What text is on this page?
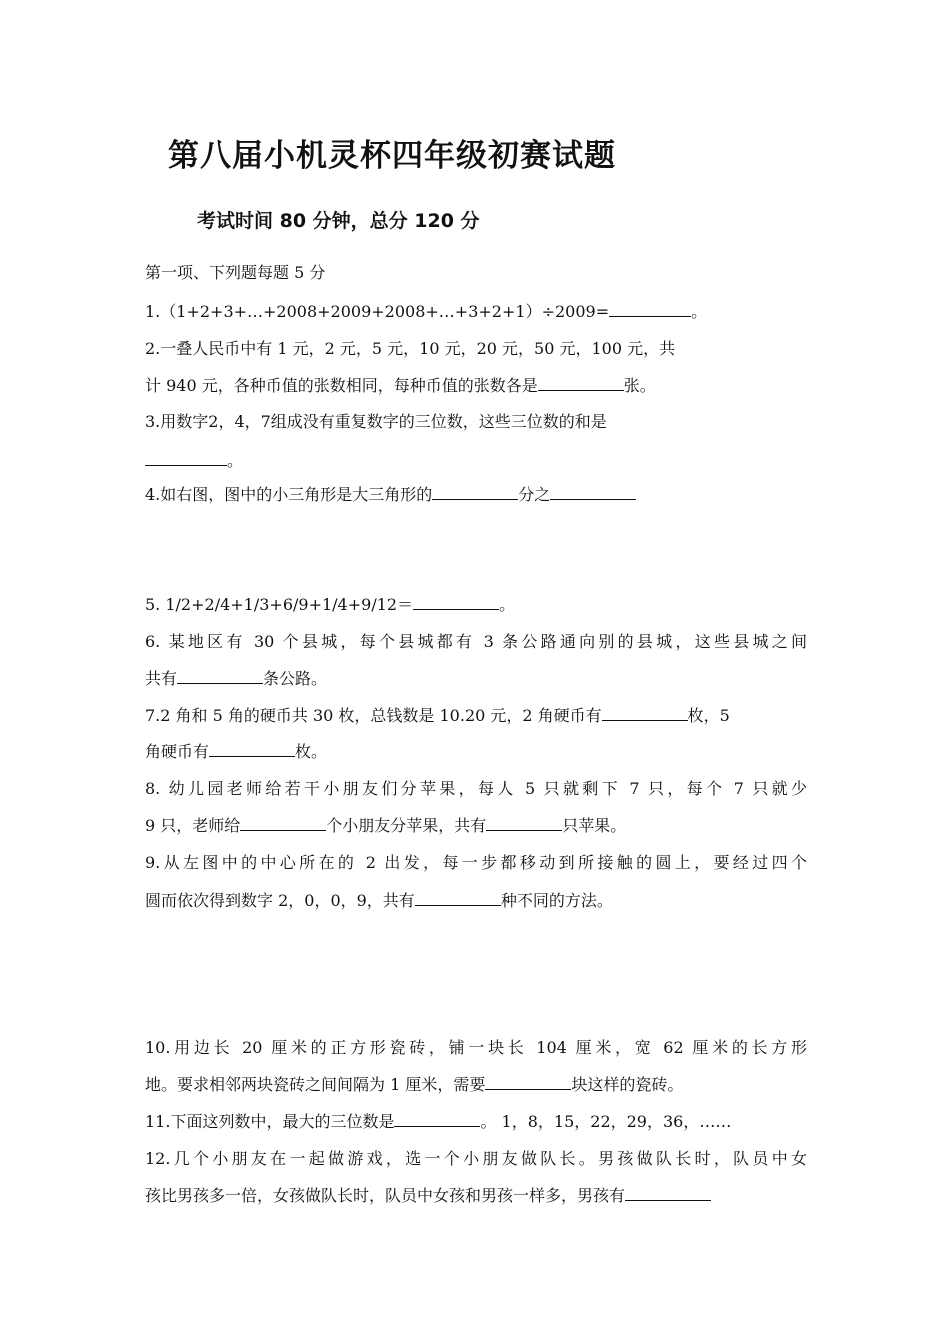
第八届小机灵杯四年级初赛试题
考试时间 80 分钟，总分 120 分
第一项、下列题每题 5 分
1.（1+2+3+…+2008+2009+2008+…+3+2+1）÷2009=	。
2.一叠人民币中有 1 元，2 元，5 元，10 元，20 元，50 元，100 元，共
计 940 元，各种币值的张数相同，每种币值的张数各是	张。
3.用数字2，4，7组成没有重复数字的三位数，这些三位数的和是
。
4.如右图，图中的小三角形是大三角形的	分之
5. 1/2+2/4+1/3+6/9+1/4+9/12＝	。
6. 某地区有 30 个县城，每个县城都有 3 条公路通向别的县城，这些县城之间
共有	条公路。
7.2 角和 5 角的硬币共 30 枚，总钱数是 10.20 元，2 角硬币有	枚，5
角硬币有	枚。
8. 幼儿园老师给若干小朋友们分苹果，每人 5 只就剩下 7 只，每个 7 只就少
9 只，老师给	个小朋友分苹果，共有	只苹果。
9.从左图中的中心所在的 2 出发，每一步都移动到所接触的圆上，要经过四个
圆而依次得到数字 2，0，0，9，共有	种不同的方法。
10.用边长 20 厘米的正方形瓷砖，铺一块长 104 厘米，宽 62 厘米的长方形
地。要求相邻两块瓷砖之间间隔为 1 厘米，需要	块这样的瓷砖。
11.下面这列数中，最大的三位数是	。 1，8，15，22，29，36，……
12.几个小朋友在一起做游戏，选一个小朋友做队长。男孩做队长时，队员中女
孩比男孩多一倍，女孩做队长时，队员中女孩和男孩一样多，男孩有
